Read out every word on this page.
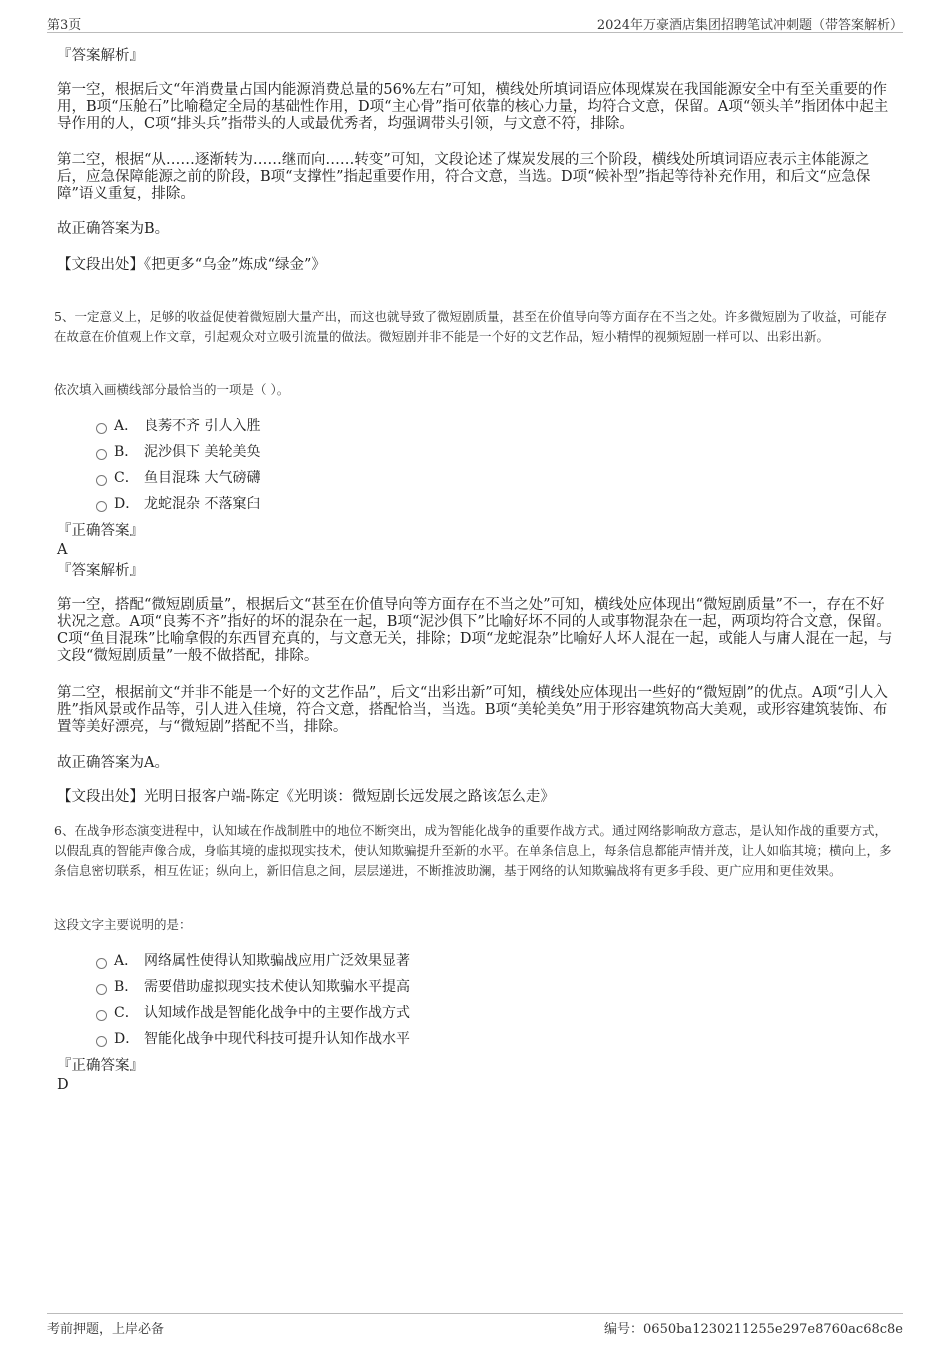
第3页	2024年万豪酒店集团招聘笔试冲刺题（带答案解析）
『答案解析』
第一空，根据后文“年消费量占国内能源消费总量的56%左右”可知，横线处所填词语应体现煤炭在我国能源安全中有至关重要的作用，B项“压舱石”比喻稳定全局的基础性作用，D项“主心骨”指可依靠的核心力量，均符合文意，保留。A项“领头羊”指团体中起主导作用的人，C项“排头兵”指带头的人或最优秀者，均强调带头引领，与文意不符，排除。
第二空，根据“从……逐渐转为……继而向……转变”可知，文段论述了煤炭发展的三个阶段，横线处所填词语应表示主体能源之后，应急保障能源之前的阶段，B项“支撑性”指起重要作用，符合文意，当选。D项“候补型”指起等待补充作用，和后文“应急保障”语义重复，排除。
故正确答案为B。
【文段出处】《把更多“乌金”炼成“绿金”》
5、一定意义上，足够的收益促使着微短剧大量产出，而这也就导致了微短剧质量，甚至在价值导向等方面存在不当之处。许多微短剧为了收益，可能存在故意在价值观上作文章，引起观众对立吸引流量的做法。微短剧并非不能是一个好的文艺作品，短小精悍的视频短剧一样可以、出彩出新。
依次填入画横线部分最恰当的一项是（ ）。
A． 良莠不齐 引人入胜
B． 泥沙俱下 美轮美奂
C． 鱼目混珠 大气磅礴
D． 龙蛇混杂 不落窠臼
『正确答案』
A
『答案解析』
第一空，搭配“微短剧质量”，根据后文“甚至在价值导向等方面存在不当之处”可知，横线处应体现出“微短剧质量”不一，存在不好状况之意。A项“良莠不齐”指好的坏的混杂在一起，B项“泥沙俱下”比喻好坏不同的人或事物混杂在一起，两项均符合文意，保留。C项“鱼目混珠”比喻拿假的东西冒充真的，与文意无关，排除；D项“龙蛇混杂”比喻好人坏人混在一起，或能人与庸人混在一起，与文段“微短剧质量”一般不做搭配，排除。
第二空，根据前文“并非不能是一个好的文艺作品”，后文“出彩出新”可知，横线处应体现出一些好的“微短剧”的优点。A项“引人入胜”指风景或作品等，引人进入佳境，符合文意，搭配恰当，当选。B项“美轮美奂”用于形容建筑物高大美观，或形容建筑装饰、布置等美好漂亮，与“微短剧”搭配不当，排除。
故正确答案为A。
【文段出处】光明日报客户端-陈定《光明谈：微短剧长远发展之路该怎么走》
6、在战争形态演变进程中，认知域在作战制胜中的地位不断突出，成为智能化战争的重要作战方式。通过网络影响敌方意志，是认知作战的重要方式，以假乱真的智能声像合成，身临其境的虚拟现实技术，使认知欺骗提升至新的水平。在单条信息上，每条信息都能声情并茂，让人如临其境；横向上，多条信息密切联系，相互佐证；纵向上，新旧信息之间，层层递进，不断推波助澜，基于网络的认知欺骗战将有更多手段、更广应用和更佳效果。
这段文字主要说明的是：
A． 网络属性使得认知欺骗战应用广泛效果显著
B． 需要借助虚拟现实技术使认知欺骗水平提高
C． 认知域作战是智能化战争中的主要作战方式
D． 智能化战争中现代科技可提升认知作战水平
『正确答案』
D
考前押题，上岸必备	编号：0650ba1230211255e297e8760ac68c8e
